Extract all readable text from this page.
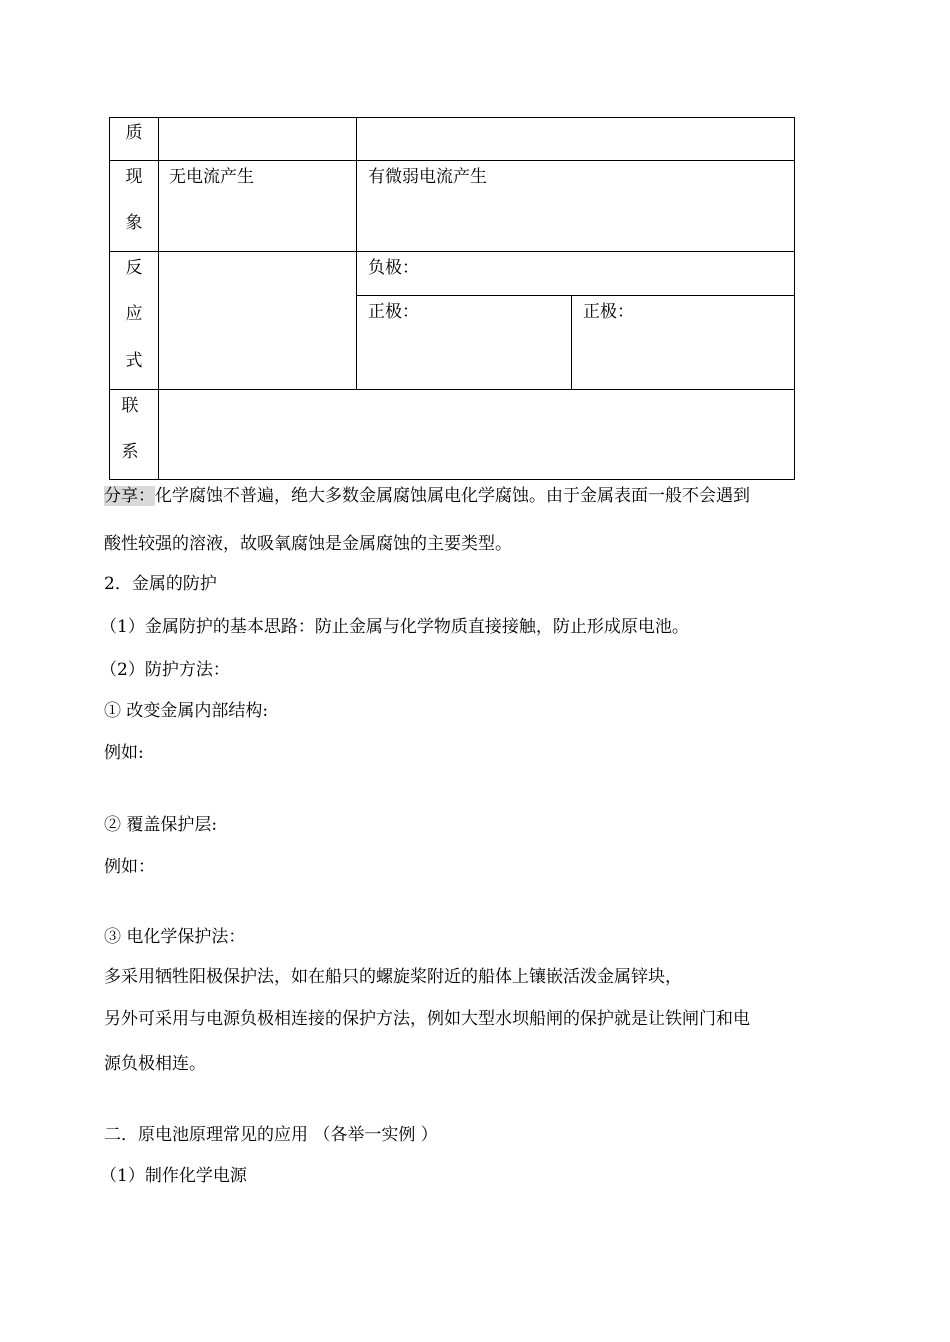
质
现
象
反
应
式
联
系
无电流产生	有微弱电流产生
负极：
正极：	正极：
分享：化学腐蚀不普遍，绝大多数金属腐蚀属电化学腐蚀。由于金属表面一般不会遇到
酸性较强的溶液，故吸氧腐蚀是金属腐蚀的主要类型。
2．金属的防护
（1）金属防护的基本思路：防止金属与化学物质直接接触，防止形成原电池。
（2）防护方法：
① 改变金属内部结构:
例如:
② 覆盖保护层:
例如：
③ 电化学保护法：
多采用牺牲阳极保护法，如在船只的螺旋桨附近的船体上镶嵌活泼金属锌块，
另外可采用与电源负极相连接的保护方法，例如大型水坝船闸的保护就是让铁闸门和电
源负极相连。
二．原电池原理常见的应用 （各举一实例 ）
（1）制作化学电源
